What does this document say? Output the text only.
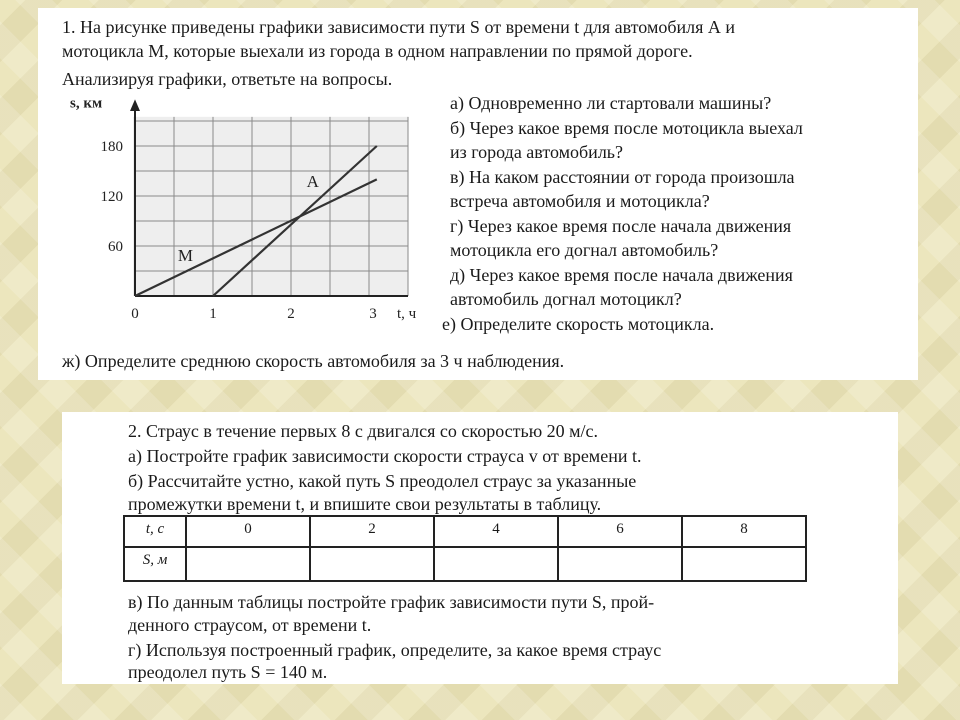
1. На рисунке приведены графики зависимости пути S от времени t для автомобиля А и
мотоцикла М, которые выехали из города в одном направлении по прямой дороге.
Анализируя графики, ответьте на вопросы.
60
120
180
0	1	2	3
s, км
t, ч
А
М
а) Одновременно ли стартовали машины?
б) Через какое время после мотоцикла выехал
из города автомобиль?
в) На каком расстоянии от города произошла
встреча автомобиля и мотоцикла?
г) Через какое время после начала движения
мотоцикла его догнал автомобиль?
д) Через какое время после начала движения
автомобиль догнал мотоцикл?
е) Определите скорость мотоцикла.
ж) Определите среднюю скорость автомобиля за 3 ч наблюдения.
2. Страус в течение первых 8 с двигался со скоростью 20 м/с.
а) Постройте график зависимости скорости страуса v от времени t.
б) Рассчитайте устно, какой путь S преодолел страус за указанные
промежутки времени t, и впишите свои результаты в таблицу.
t, c	0	2	4	6	8
S, м					
в) По данным таблицы постройте график зависимости пути S, прой-
денного страусом, от времени t.
г) Используя построенный график, определите, за какое время страус
преодолел путь S = 140 м.
